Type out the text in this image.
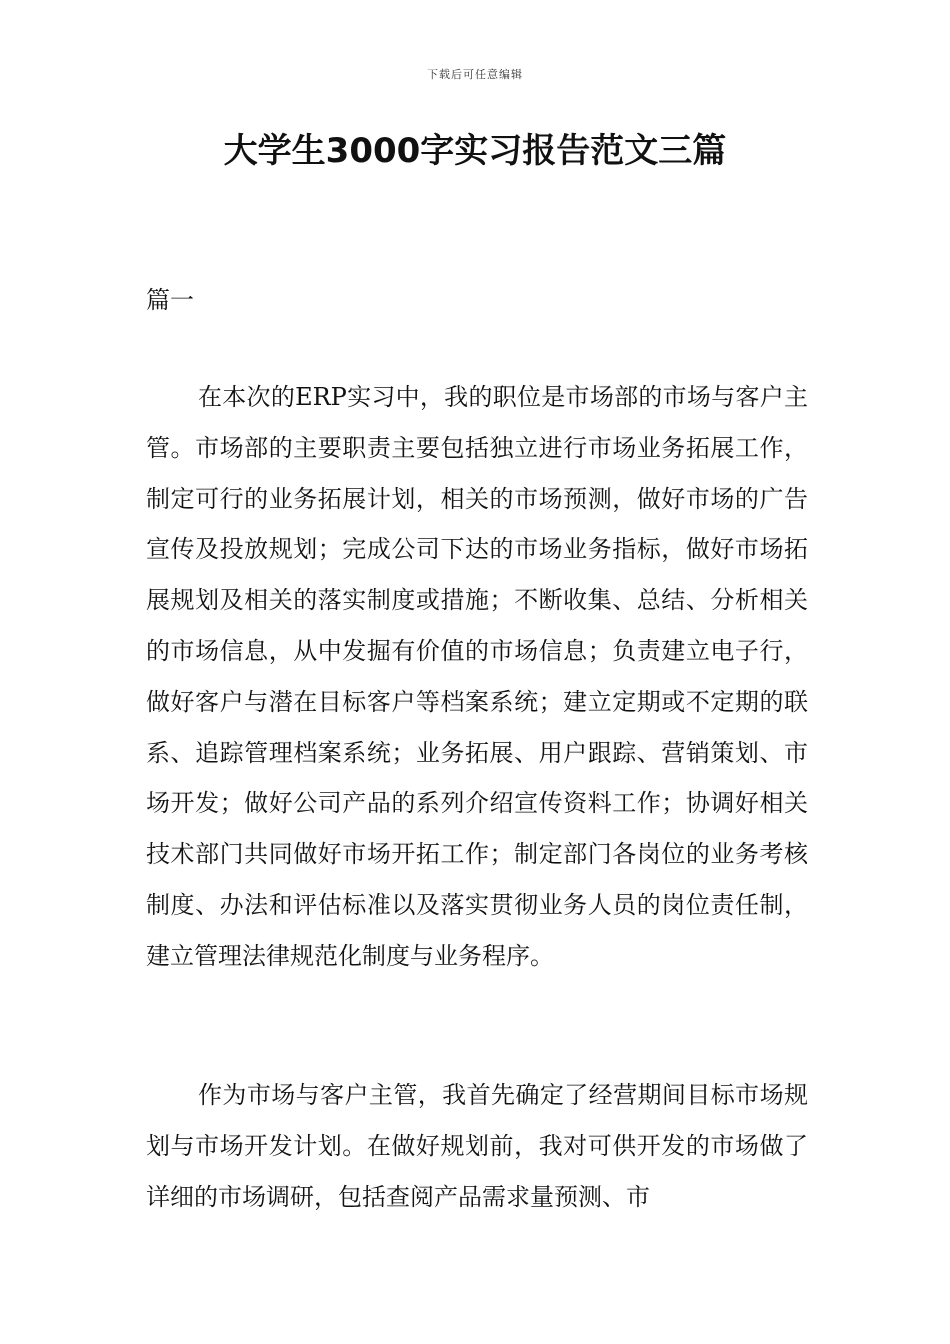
下载后可任意编辑
大学生3000字实习报告范文三篇
篇一

在本次的ERP实习中，我的职位是市场部的市场与客户主管。市场部的主要职责主要包括独立进行市场业务拓展工作，制定可行的业务拓展计划，相关的市场预测，做好市场的广告宣传及投放规划；完成公司下达的市场业务指标，做好市场拓展规划及相关的落实制度或措施；不断收集、总结、分析相关的市场信息，从中发掘有价值的市场信息；负责建立电子行，做好客户与潜在目标客户等档案系统；建立定期或不定期的联系、追踪管理档案系统；业务拓展、用户跟踪、营销策划、市场开发；做好公司产品的系列介绍宣传资料工作；协调好相关技术部门共同做好市场开拓工作；制定部门各岗位的业务考核制度、办法和评估标准以及落实贯彻业务人员的岗位责任制，建立管理法律规范化制度与业务程序。

作为市场与客户主管，我首先确定了经营期间目标市场规划与市场开发计划。在做好规划前，我对可供开发的市场做了详细的市场调研，包括查阅产品需求量预测、市
